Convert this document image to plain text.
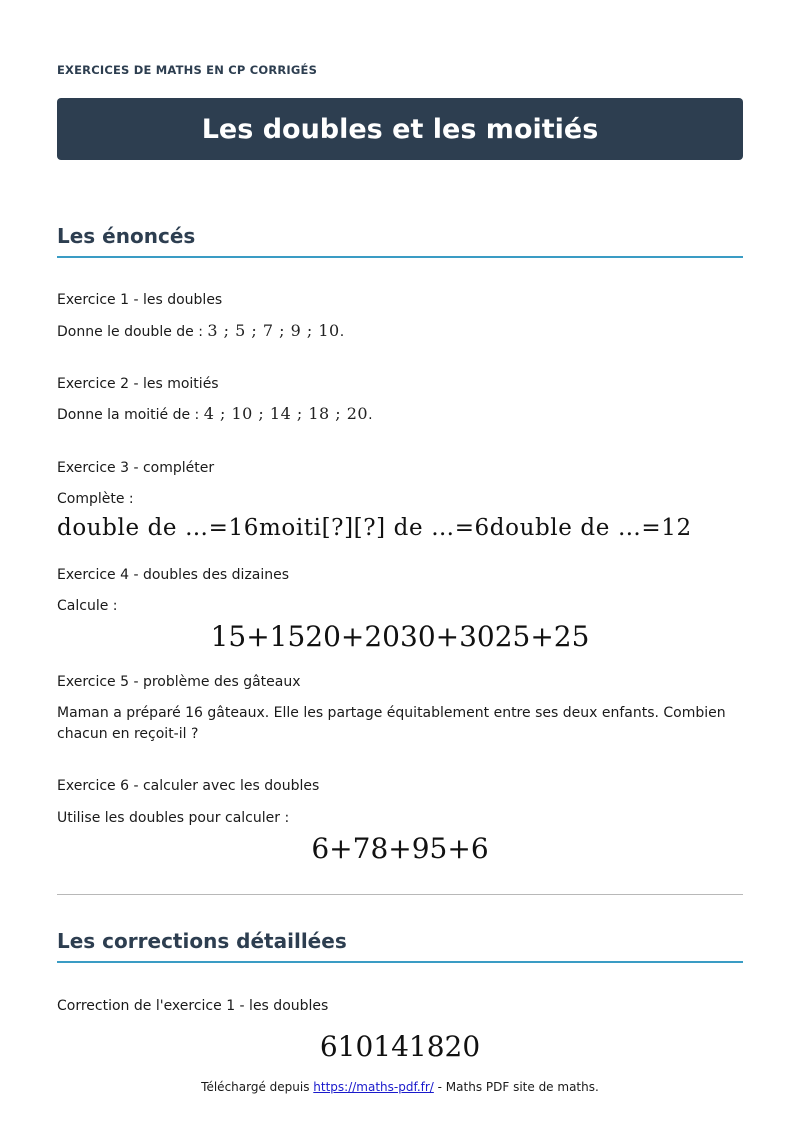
EXERCICES DE MATHS EN CP CORRIGÉS
Les doubles et les moitiés
Les énoncés
Exercice 1 - les doubles
Donne le double de : 3 ; 5 ; 7 ; 9 ; 10.
Exercice 2 - les moitiés
Donne la moitié de : 4 ; 10 ; 14 ; 18 ; 20.
Exercice 3 - compléter
Complète :
double de …=16moiti[?][?] de …=6double de …=12
Exercice 4 - doubles des dizaines
Calcule :
15+1520+2030+3025+25
Exercice 5 - problème des gâteaux
Maman a préparé 16 gâteaux. Elle les partage équitablement entre ses deux enfants. Combien chacun en reçoit-il ?
Exercice 6 - calculer avec les doubles
Utilise les doubles pour calculer :
6+78+95+6
Les corrections détaillées
Correction de l'exercice 1 - les doubles
610141820
Téléchargé depuis https://maths-pdf.fr/ - Maths PDF site de maths.
